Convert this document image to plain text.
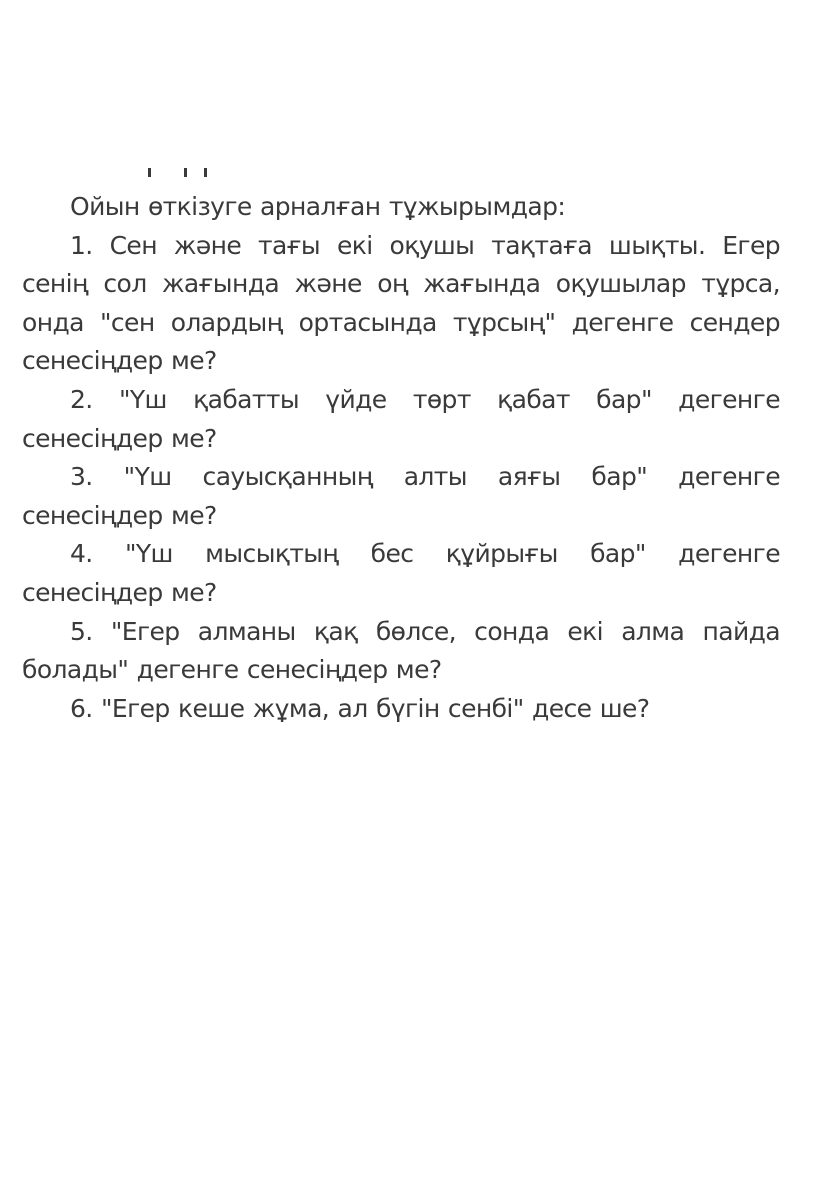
Ойын өткізуге арналған тұжырымдар:

1. Сен және тағы екі оқушы тақтаға шықты. Егер сенің сол жағында және оң жағында оқушылар тұрса, онда "сен олардың ортасында тұрсың" дегенге сендер сенесіңдер ме?

2. "Үш қабатты үйде төрт қабат бар" дегенге сенесіңдер ме?

3. "Үш сауысқанның алты аяғы бар" дегенге сенесіңдер ме?

4. "Үш мысықтың бес құйрығы бар" дегенге сенесіңдер ме?

5. "Егер алманы қақ бөлсе, сонда екі алма пайда болады" дегенге сенесіңдер ме?

6. "Егер кеше жұма, ал бүгін сенбі" десе ше?
